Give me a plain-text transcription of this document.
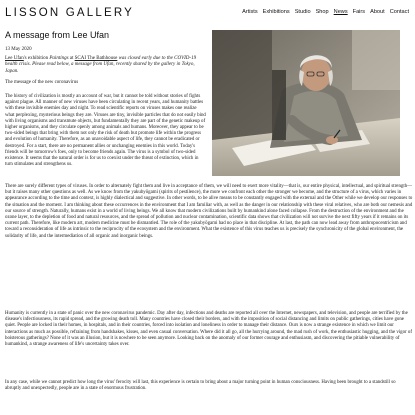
LISSON GALLERY	Artists Exhibitions Studio Shop News Fairs About Contact
A message from Lee Ufan
13 May 2020

Lee Ufan's exhibition Paintings at SCAI The Bathhouse was closed early due to the COVID-19 health crisis. Please read below, a message from Ufan, recently shared by the gallery in Tokyo, Japan.

The message of the new coronavirus

The history of civilization is mostly an account of war, but it cannot be told without stories of fights against plague. All manner of new viruses have been circulating in recent years, and humanity battles with these invisible enemies day and night. To read scientific reports on viruses makes one realize what perplexing, mysterious beings they are. Viruses are tiny, invisible particles that do not easily bind with living organisms and transmute objects, but fundamentally they are part of the genetic makeup of higher organisms, and they circulate openly among animals and humans. Moreover, they appear to be two-sided beings that bring with them not only the risk of death but promote life within the progress and evolution of humanity. Therefore, as an unavoidable aspect of life, they cannot be eradicated or destroyed. For a start, there are no permanent allies or unchanging enemies in this world. Today's friends will be tomorrow's foes, only to become friends again. The virus is a symbol of two-sided existence. It seems that the natural order is for us to coexist under the threat of extinction, which in turn stimulates and strengthens us.

There are surely different types of viruses. In order to alternately fight them and live in acceptance of them, we will need to exert more vitality—that is, our entire physical, intellectual, and spiritual strength—but it raises many other questions as well. As we know from the yakubyōgami (spirits of pestilence), the more we confront each other the stronger we become, and the structure of a virus, which varies in appearance according to the time and context, is highly dialectical and suggestive. In other words, to be alive means to be constantly engaged with the external and the Other while we develop our responses to the situation and the moment. I am thinking about these occurrences in the environment that I am familiar with, as well as the danger in our relationship with these viral relatives, who are both our nemesis and our source of strength. Naturally, humans exist in a world of living beings. We all know that modern civilizations built by humankind alone faced collapse. From the destruction of the environment and the ozone layer, to the depletion of food and natural resources, and the spread of pollution and nuclear contamination, scientific data shows that civilization will not survive the next fifty years if it remains on its current path. Therefore, like modern art, modern medicine must be dismantled. The role of the yakubyōgami had no place in that discipline. At last, the path can now lead away from anthropocentricism and toward a reconsideration of life as intrinsic to the reciprocity of the ecosystem and the environment. What the existence of this virus teaches us is precisely the synchronicity of the global environment, the solidarity of life, and the intermediation of all organic and inorganic beings.

Humanity is currently in a state of panic over the new coronavirus pandemic. Day after day, infections and deaths are reported all over the Internet, newspapers, and television, and people are terrified by the disease's infectiousness, its rapid spread, and the growing death toll. Many countries have closed their borders, and with the imposition of social distancing and limits on public gatherings, cities have gone quiet. People are locked in their homes, in hospitals, and in their countries, forced into isolation and loneliness in order to manage their distance. Ours is now a strange existence in which we limit our interactions as much as possible, refraining from handshakes, kisses, and even casual conversation. Where did it all go, all the hurrying around, the mad rush of work, the enthusiastic hugging, and the vigor of boisterous gatherings? None of it was an illusion, but it is nowhere to be seen anymore. Looking back on the anomaly of our former courage and enthusiasm, and discovering the pitiable vulnerability of humankind, a strange awareness of life's uncertainty takes over.

In any case, while we cannot predict how long the virus' ferocity will last, this experience is certain to bring about a major turning point in human consciousness. Having been brought to a standstill so abruptly and unexpectedly, people are in a state of enormous frustration.
